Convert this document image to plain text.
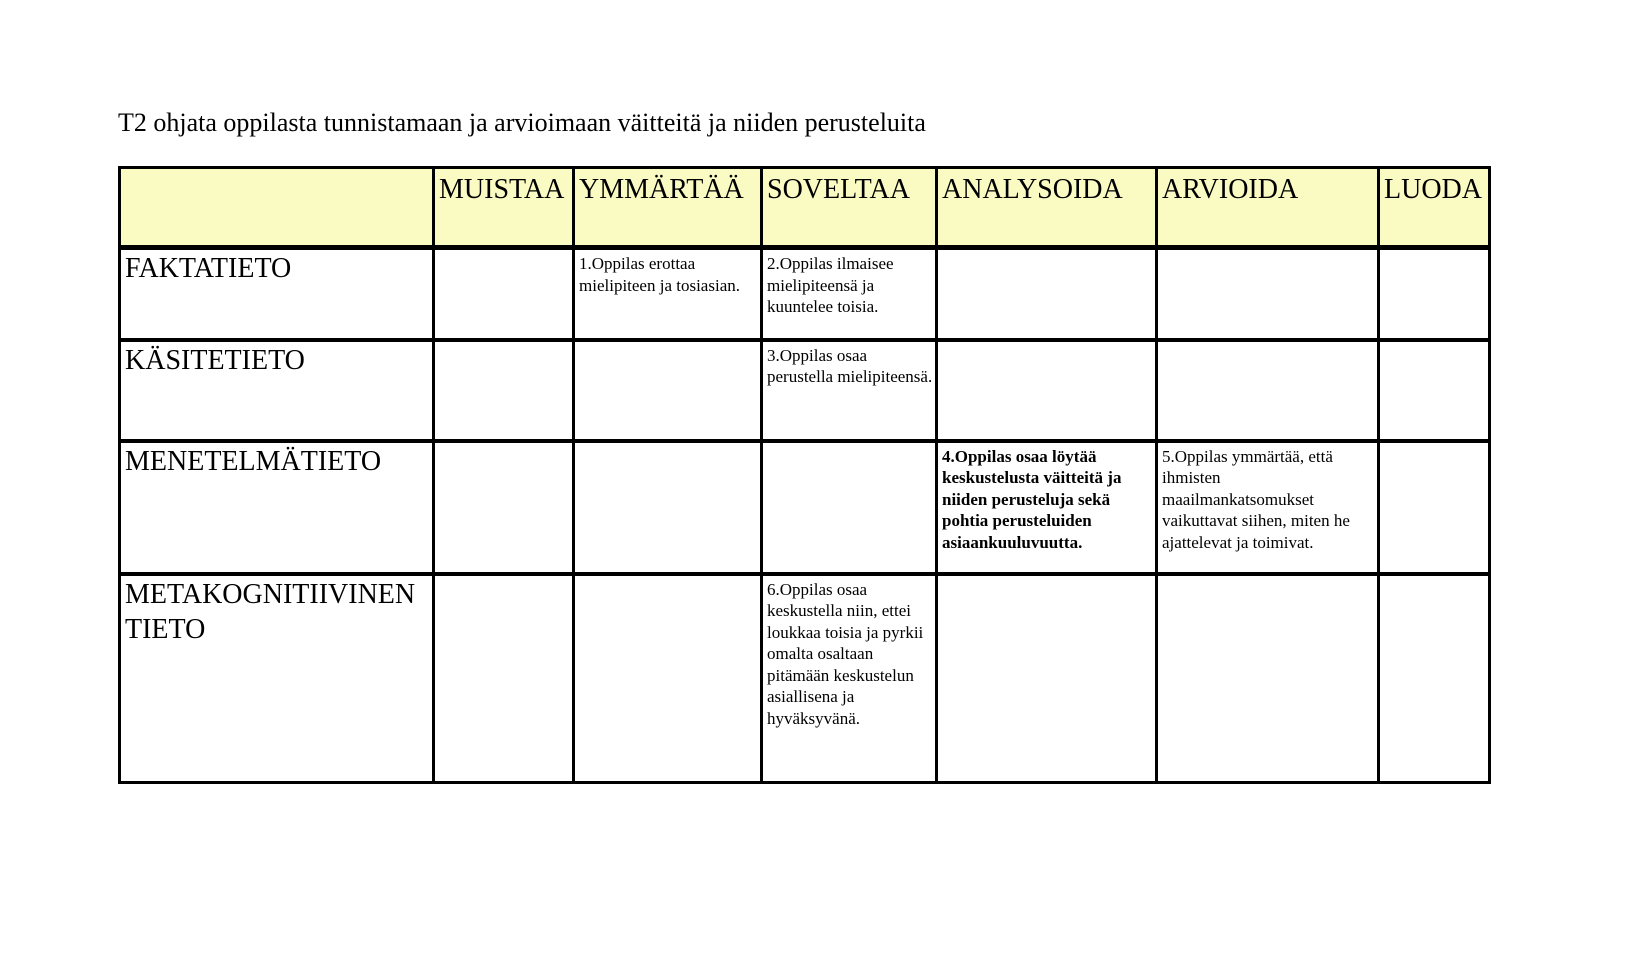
T2 ohjata oppilasta tunnistamaan ja arvioimaan väitteitä ja niiden perusteluita
	MUISTAA	YMMÄRTÄÄ	SOVELTAA	ANALYSOIDA	ARVIOIDA	LUODA
FAKTATIETO		1.Oppilas erottaa mielipiteen ja tosiasian.	2.Oppilas ilmaisee mielipiteensä ja kuuntelee toisia.			
KÄSITETIETO			3.Oppilas osaa perustella mielipiteensä.			
MENETELMÄTIETO				4.Oppilas osaa löytää keskustelusta väitteitä ja niiden perusteluja sekä pohtia perusteluiden asiaankuuluvuutta.	5.Oppilas ymmärtää, että ihmisten maailmankatsomukset vaikuttavat siihen, miten he ajattelevat ja toimivat.	
METAKOGNITIIVINEN TIETO			6.Oppilas osaa keskustella niin, ettei loukkaa toisia ja pyrkii omalta osaltaan pitämään keskustelun asiallisena ja hyväksyvänä.			
